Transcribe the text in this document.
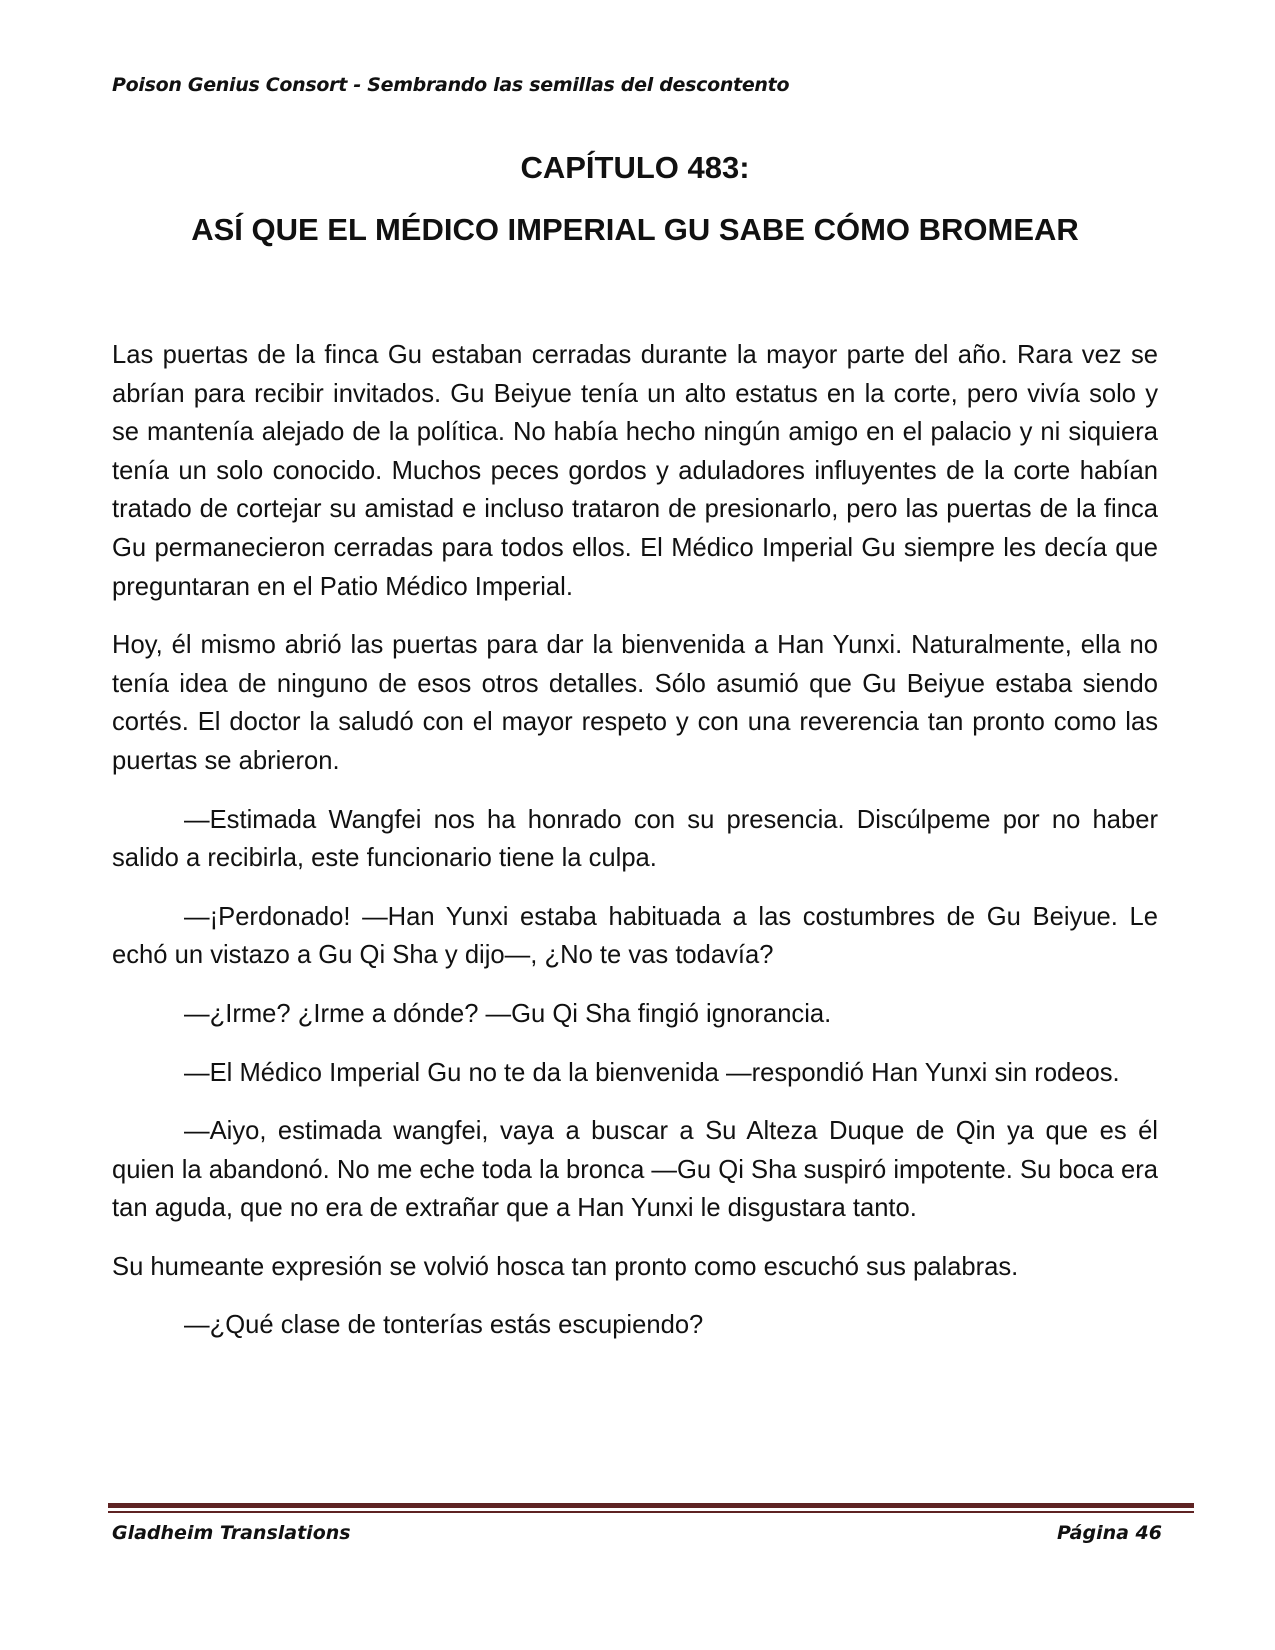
Poison Genius Consort - Sembrando las semillas del descontento
CAPÍTULO 483:
ASÍ QUE EL MÉDICO IMPERIAL GU SABE CÓMO BROMEAR

Las puertas de la finca Gu estaban cerradas durante la mayor parte del año. Rara vez se abrían para recibir invitados. Gu Beiyue tenía un alto estatus en la corte, pero vivía solo y se mantenía alejado de la política. No había hecho ningún amigo en el palacio y ni siquiera tenía un solo conocido. Muchos peces gordos y aduladores influyentes de la corte habían tratado de cortejar su amistad e incluso trataron de presionarlo, pero las puertas de la finca Gu permanecieron cerradas para todos ellos. El Médico Imperial Gu siempre les decía que preguntaran en el Patio Médico Imperial.

Hoy, él mismo abrió las puertas para dar la bienvenida a Han Yunxi. Naturalmente, ella no tenía idea de ninguno de esos otros detalles. Sólo asumió que Gu Beiyue estaba siendo cortés. El doctor la saludó con el mayor respeto y con una reverencia tan pronto como las puertas se abrieron.

—Estimada Wangfei nos ha honrado con su presencia. Discúlpeme por no haber salido a recibirla, este funcionario tiene la culpa.

—¡Perdonado! —Han Yunxi estaba habituada a las costumbres de Gu Beiyue. Le echó un vistazo a Gu Qi Sha y dijo—, ¿No te vas todavía?

—¿Irme? ¿Irme a dónde? —Gu Qi Sha fingió ignorancia.

—El Médico Imperial Gu no te da la bienvenida —respondió Han Yunxi sin rodeos.

—Aiyo, estimada wangfei, vaya a buscar a Su Alteza Duque de Qin ya que es él quien la abandonó. No me eche toda la bronca —Gu Qi Sha suspiró impotente. Su boca era tan aguda, que no era de extrañar que a Han Yunxi le disgustara tanto.

Su humeante expresión se volvió hosca tan pronto como escuchó sus palabras.

—¿Qué clase de tonterías estás escupiendo?

Gladheim Translations	Página 46
